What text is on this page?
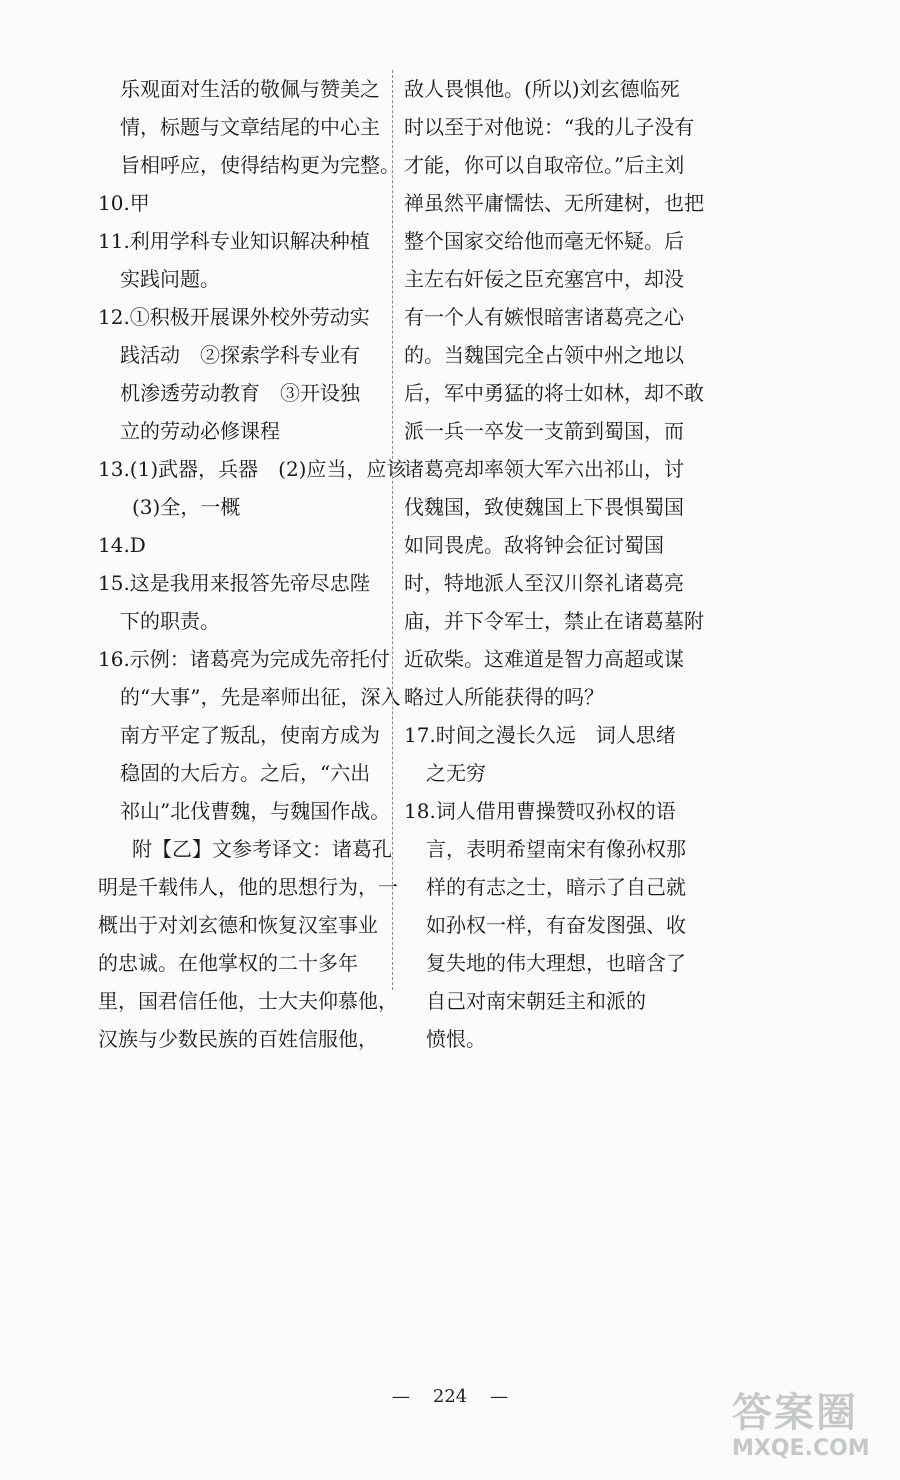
乐观面对生活的敬佩与赞美之
情，标题与文章结尾的中心主
旨相呼应，使得结构更为完整。
10.甲
11.利用学科专业知识解决种植
实践问题。
12.①积极开展课外校外劳动实
践活动　②探索学科专业有
机渗透劳动教育　③开设独
立的劳动必修课程
13.(1)武器，兵器　(2)应当，应该
(3)全，一概
14.D
15.这是我用来报答先帝尽忠陛
下的职责。
16.示例：诸葛亮为完成先帝托付
的“大事”，先是率师出征，深入
南方平定了叛乱，使南方成为
稳固的大后方。之后，“六出
祁山”北伐曹魏，与魏国作战。
附【乙】文参考译文：诸葛孔
明是千载伟人，他的思想行为，一
概出于对刘玄德和恢复汉室事业
的忠诚。在他掌权的二十多年
里，国君信任他，士大夫仰慕他，
汉族与少数民族的百姓信服他，
敌人畏惧他。(所以)刘玄德临死
时以至于对他说：“我的儿子没有
才能，你可以自取帝位。”后主刘
禅虽然平庸懦怯、无所建树，也把
整个国家交给他而毫无怀疑。后
主左右奸佞之臣充塞宫中，却没
有一个人有嫉恨暗害诸葛亮之心
的。当魏国完全占领中州之地以
后，军中勇猛的将士如林，却不敢
派一兵一卒发一支箭到蜀国，而
诸葛亮却率领大军六出祁山，讨
伐魏国，致使魏国上下畏惧蜀国
如同畏虎。敌将钟会征讨蜀国
时，特地派人至汉川祭礼诸葛亮
庙，并下令军士，禁止在诸葛墓附
近砍柴。这难道是智力高超或谋
略过人所能获得的吗？
17.时间之漫长久远　词人思绪
之无穷
18.词人借用曹操赞叹孙权的语
言，表明希望南宋有像孙权那
样的有志之士，暗示了自己就
如孙权一样，有奋发图强、收
复失地的伟大理想，也暗含了
自己对南宋朝廷主和派的
愤恨。
— 224 —	答案圈
MXQE.COM
